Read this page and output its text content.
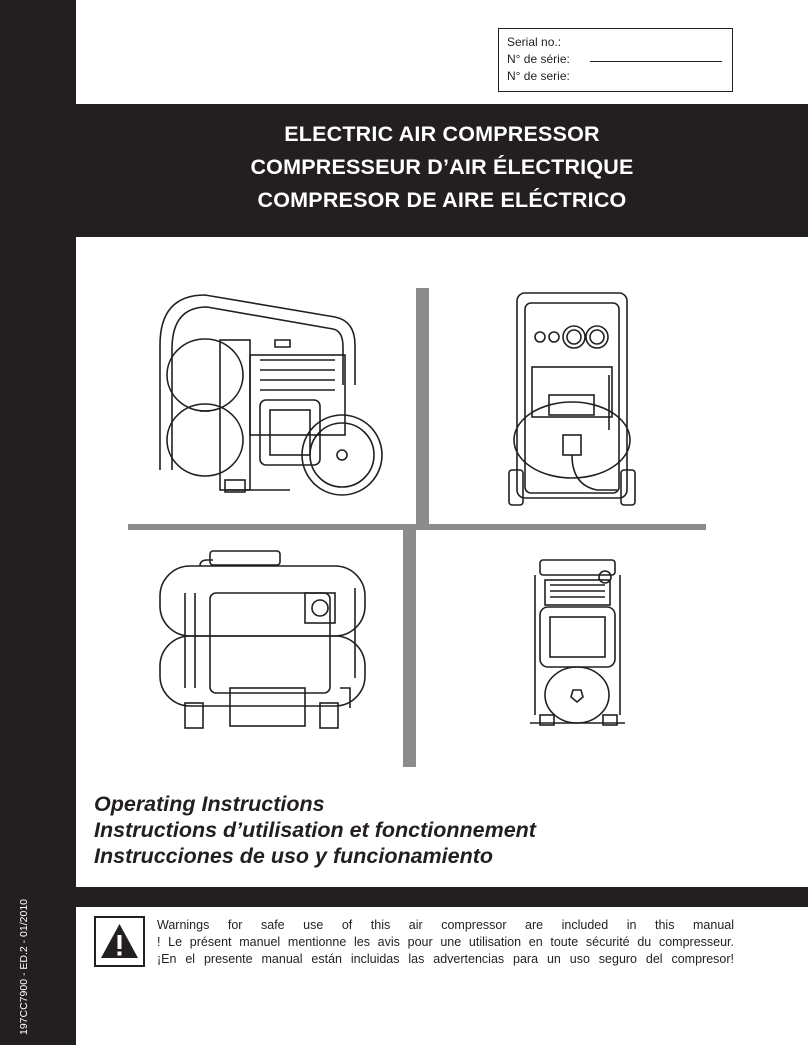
197CC7900 - ED.2 - 01/2010
Serial no.:
N° de série:
N° de serie:
ELECTRIC AIR COMPRESSOR
COMPRESSEUR D’AIR ÉLECTRIQUE
COMPRESOR DE AIRE ELÉCTRICO
Operating Instructions
Instructions d’utilisation et fonctionnement
Instrucciones de uso y funcionamiento
Warnings for safe use of this air compressor are included in this manual
! Le présent manuel mentionne les avis pour une utilisation en toute sécurité du compresseur.
¡En el presente manual están incluidas las advertencias para un uso seguro del compresor!
